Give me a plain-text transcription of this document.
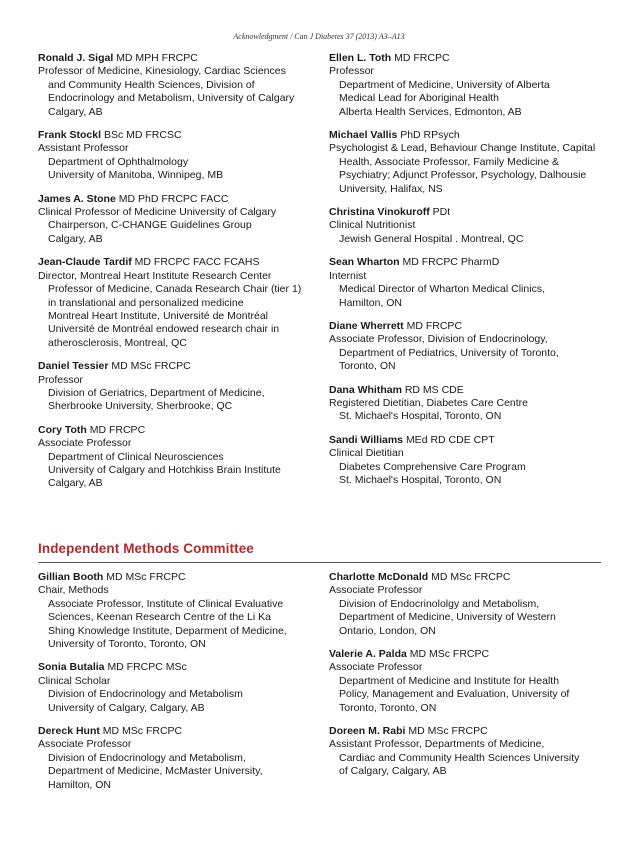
Acknowledgment / Can J Diabetes 37 (2013) A3–A13

Ronald J. Sigal MD MPH FRCPC

Professor of Medicine, Kinesiology, Cardiac Sciences

and Community Health Sciences, Division of

Endocrinology and Metabolism, University of Calgary

Calgary, AB

Frank Stockl BSc MD FRCSC

Assistant Professor

Department of Ophthalmology

University of Manitoba, Winnipeg, MB

James A. Stone MD PhD FRCPC FACC

Clinical Professor of Medicine University of Calgary

Chairperson, C-CHANGE Guidelines Group

Calgary, AB

Jean-Claude Tardif MD FRCPC FACC FCAHS

Director, Montreal Heart Institute Research Center

Professor of Medicine, Canada Research Chair (tier 1)

in translational and personalized medicine

Montreal Heart Institute, Université de Montréal

Université de Montréal endowed research chair in

atherosclerosis, Montreal, QC

Daniel Tessier MD MSc FRCPC

Professor

Division of Geriatrics, Department of Medicine,

Sherbrooke University, Sherbrooke, QC

Cory Toth MD FRCPC

Associate Professor

Department of Clinical Neurosciences

University of Calgary and Hotchkiss Brain Institute

Calgary, AB

Ellen L. Toth MD FRCPC

Professor

Department of Medicine, University of Alberta

Medical Lead for Aboriginal Health

Alberta Health Services, Edmonton, AB

Michael Vallis PhD RPsych

Psychologist & Lead, Behaviour Change Institute, Capital

Health, Associate Professor, Family Medicine &

Psychiatry; Adjunct Professor, Psychology, Dalhousie

University, Halifax, NS

Christina Vinokuroff PDt

Clinical Nutritionist

Jewish General Hospital . Montreal, QC

Sean Wharton MD FRCPC PharmD

Internist

Medical Director of Wharton Medical Clinics,

Hamilton, ON

Diane Wherrett MD FRCPC

Associate Professor, Division of Endocrinology,

Department of Pediatrics, University of Toronto,

Toronto, ON

Dana Whitham RD MS CDE

Registered Dietitian, Diabetes Care Centre

St. Michael's Hospital, Toronto, ON

Sandi Williams MEd RD CDE CPT

Clinical Dietitian

Diabetes Comprehensive Care Program

St. Michael's Hospital, Toronto, ON

Independent Methods Committee

Gillian Booth MD MSc FRCPC

Chair, Methods

Associate Professor, Institute of Clinical Evaluative

Sciences, Keenan Research Centre of the Li Ka

Shing Knowledge Institute, Deparment of Medicine,

University of Toronto, Toronto, ON

Sonia Butalia MD FRCPC MSc

Clinical Scholar

Division of Endocrinology and Metabolism

University of Calgary, Calgary, AB

Dereck Hunt MD MSc FRCPC

Associate Professor

Division of Endocrinology and Metabolism,

Department of Medicine, McMaster University,

Hamilton, ON

Charlotte McDonald MD MSc FRCPC

Associate Professor

Division of Endocrinololgy and Metabolism,

Department of Medicine, University of Western

Ontario, London, ON

Valerie A. Palda MD MSc FRCPC

Associate Professor

Department of Medicine and Institute for Health

Policy, Management and Evaluation, University of

Toronto, Toronto, ON

Doreen M. Rabi MD MSc FRCPC

Assistant Professor, Departments of Medicine,

Cardiac and Community Health Sciences University

of Calgary, Calgary, AB
